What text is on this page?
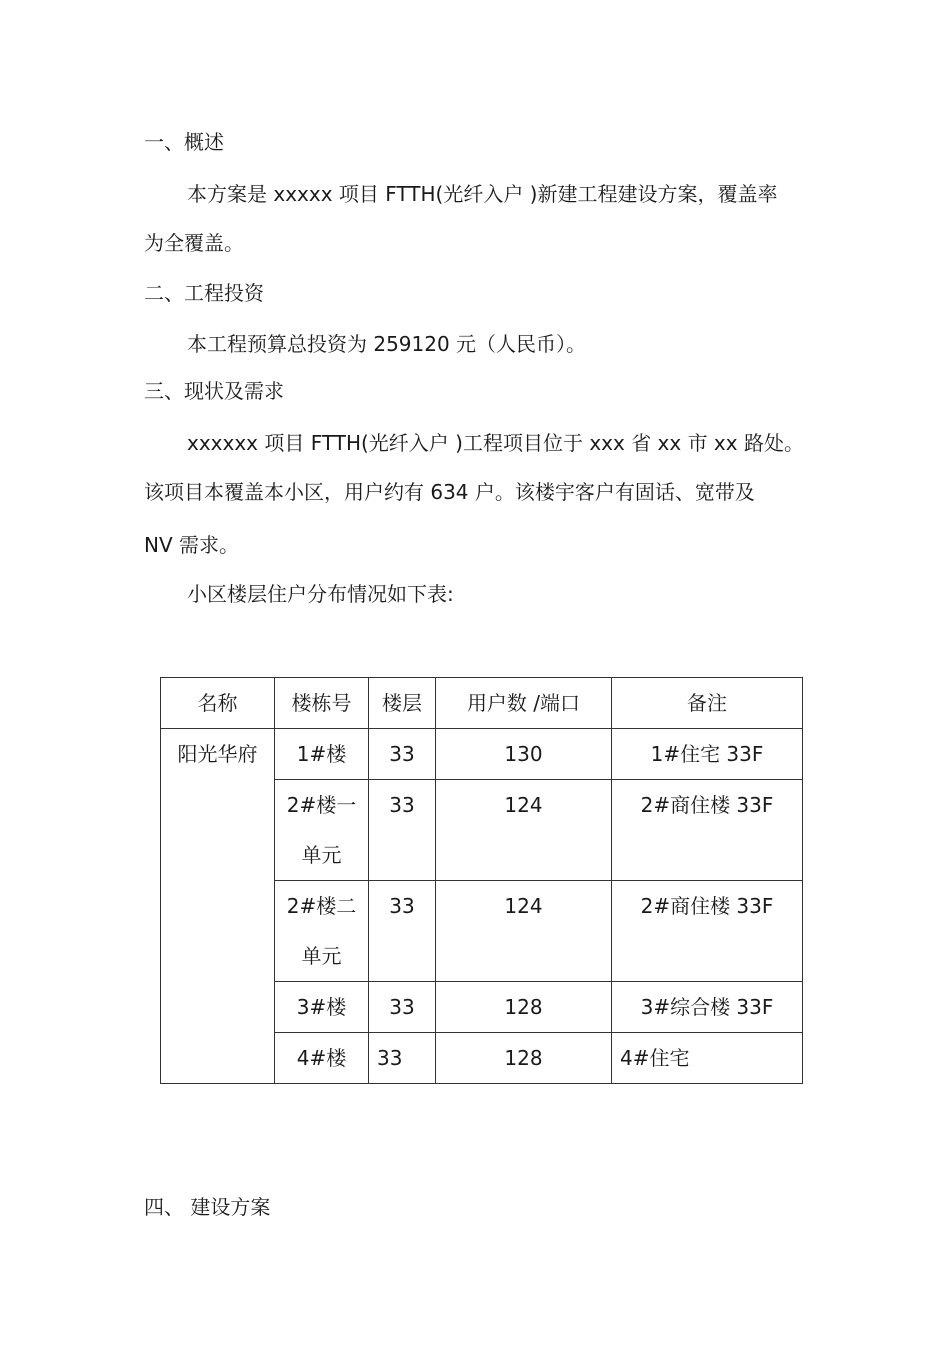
一、概述
本方案是 xxxxx 项目 FTTH(光纤入户 )新建工程建设方案，覆盖率
为全覆盖。
二、工程投资
本工程预算总投资为 259120 元（人民币）。
三、现状及需求
xxxxxx 项目 FTTH(光纤入户 )工程项目位于 xxx 省 xx 市 xx 路处。
该项目本覆盖本小区，用户约有 634 户。该楼宇客户有固话、宽带及
NV 需求。
小区楼层住户分布情况如下表:
名称	楼栋号	楼层	用户数 /端口	备注

阳光华府	1#楼	33	130	1#住宅 33F

	2#楼一
单元	33	124	2#商住楼 33F

	2#楼二
单元	33	124	2#商住楼 33F

	3#楼	33	128	3#综合楼 33F

	4#楼	33	128	4#住宅
四、 建设方案
